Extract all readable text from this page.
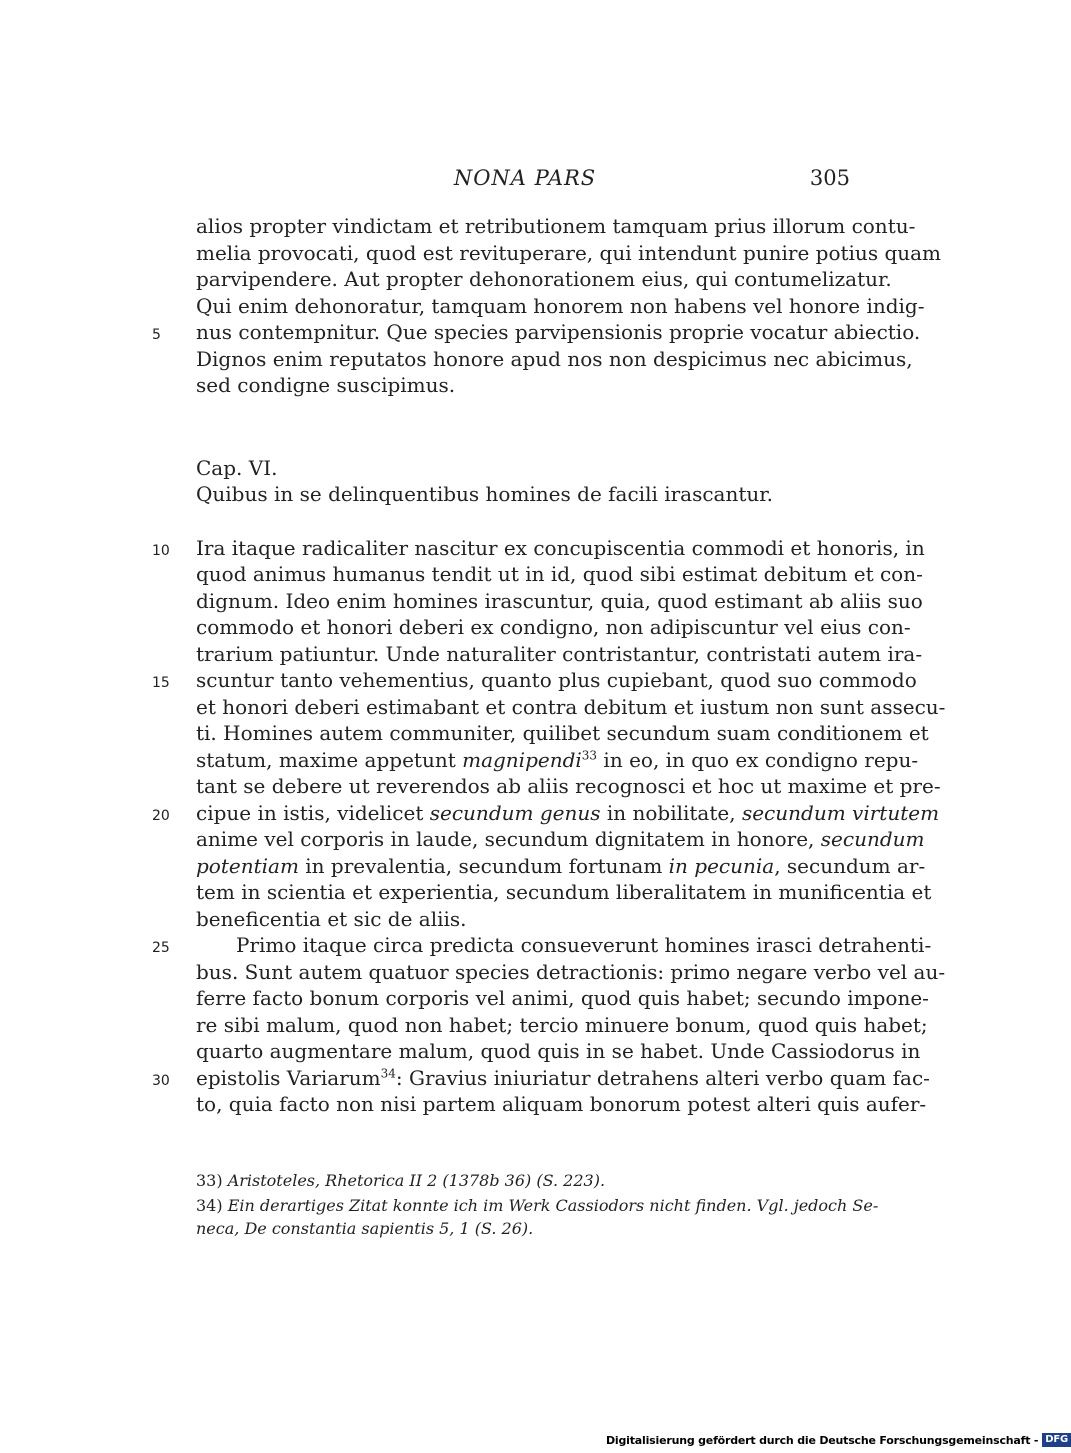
NONA PARS	305
alios propter vindictam et retributionem tamquam prius illorum contu-
melia provocati, quod est revituperare, qui intendunt punire potius quam
parvipendere. Aut propter dehonorationem eius, qui contumelizatur.
Qui enim dehonoratur, tamquam honorem non habens vel honore indig-
nus contempnitur. Que species parvipensionis proprie vocatur abiectio.
Dignos enim reputatos honore apud nos non despicimus nec abicimus,
sed condigne suscipimus.
5
Cap. VI.
Quibus in se delinquentibus homines de facili irascantur.
Ira itaque radicaliter nascitur ex concupiscentia commodi et honoris, in
quod animus humanus tendit ut in id, quod sibi estimat debitum et con-
dignum. Ideo enim homines irascuntur, quia, quod estimant ab aliis suo
commodo et honori deberi ex condigno, non adipiscuntur vel eius con-
trarium patiuntur. Unde naturaliter contristantur, contristati autem ira-
scuntur tanto vehementius, quanto plus cupiebant, quod suo commodo
et honori deberi estimabant et contra debitum et iustum non sunt assecu-
ti. Homines autem communiter, quilibet secundum suam conditionem et
statum, maxime appetunt magnipendi$^{33}$ in eo, in quo ex condigno repu-
tant se debere ut reverendos ab aliis recognosci et hoc ut maxime et pre-
cipue in istis, videlicet secundum genus in nobilitate, secundum virtutem
anime vel corporis in laude, secundum dignitatem in honore, secundum
potentiam in prevalentia, secundum fortunam in pecunia, secundum ar-
tem in scientia et experientia, secundum liberalitatem in munificentia et
beneficentia et sic de aliis.
10
15
20
Primo itaque circa predicta consueverunt homines irasci detrahenti-
bus. Sunt autem quatuor species detractionis: primo negare verbo vel au-
ferre facto bonum corporis vel animi, quod quis habet; secundo impone-
re sibi malum, quod non habet; tercio minuere bonum, quod quis habet;
quarto augmentare malum, quod quis in se habet. Unde Cassiodorus in
epistolis Variarum$^{34}$: Gravius iniuriatur detrahens alteri verbo quam fac-
to, quia facto non nisi partem aliquam bonorum potest alteri quis aufer-
25
30
33) Aristoteles, Rhetorica II 2 (1378b 36) (S. 223).
34) Ein derartiges Zitat konnte ich im Werk Cassiodors nicht finden. Vgl. jedoch Se-
neca, De constantia sapientis 5, 1 (S. 26).
Digitalisierung gefördert durch die Deutsche Forschungsgemeinschaft - DFG
